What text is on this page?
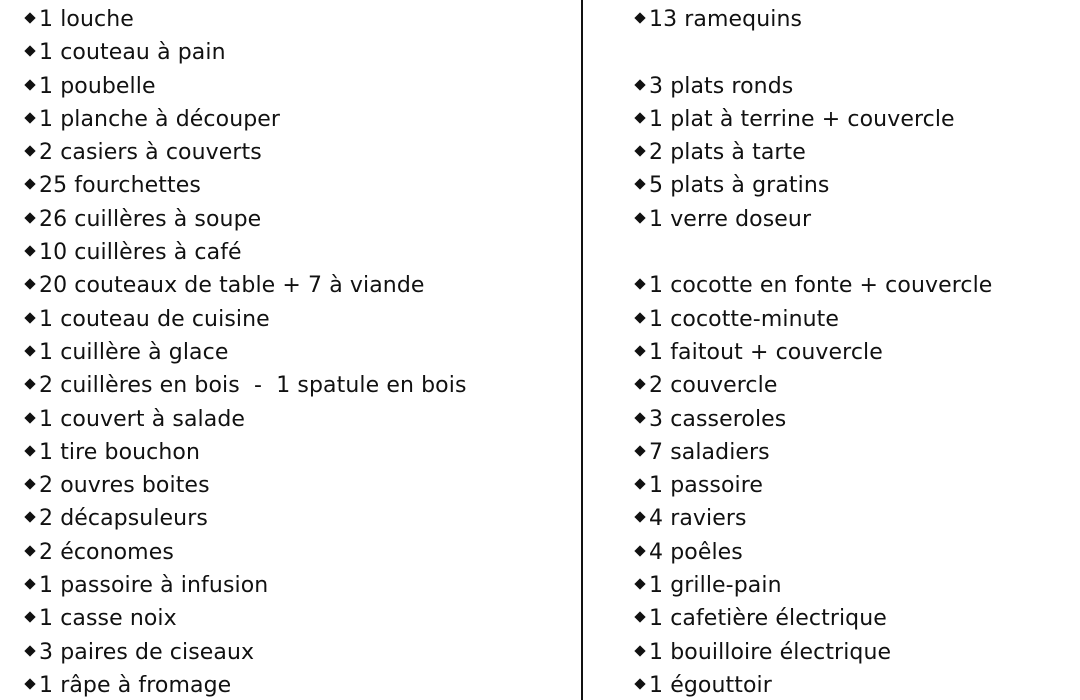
1 louche
1 couteau à pain
1 poubelle
1 planche à découper
2 casiers à couverts
25 fourchettes
26 cuillères à soupe
10 cuillères à café
20 couteaux de table + 7 à viande
1 couteau de cuisine
1 cuillère à glace
2 cuillères en bois  -  1 spatule en bois
1 couvert à salade
1 tire bouchon
2 ouvres boites
2 décapsuleurs
2 économes
1 passoire à infusion
1 casse noix
3 paires de ciseaux
1 râpe à fromage
13 ramequins
3 plats ronds
1 plat à terrine + couvercle
2 plats à tarte
5 plats à gratins
1 verre doseur
1 cocotte en fonte + couvercle
1 cocotte-minute
1 faitout + couvercle
2 couvercle
3 casseroles
7 saladiers
1 passoire
4 raviers
4 poêles
1 grille-pain
1 cafetière électrique
1 bouilloire électrique
1 égouttoir
